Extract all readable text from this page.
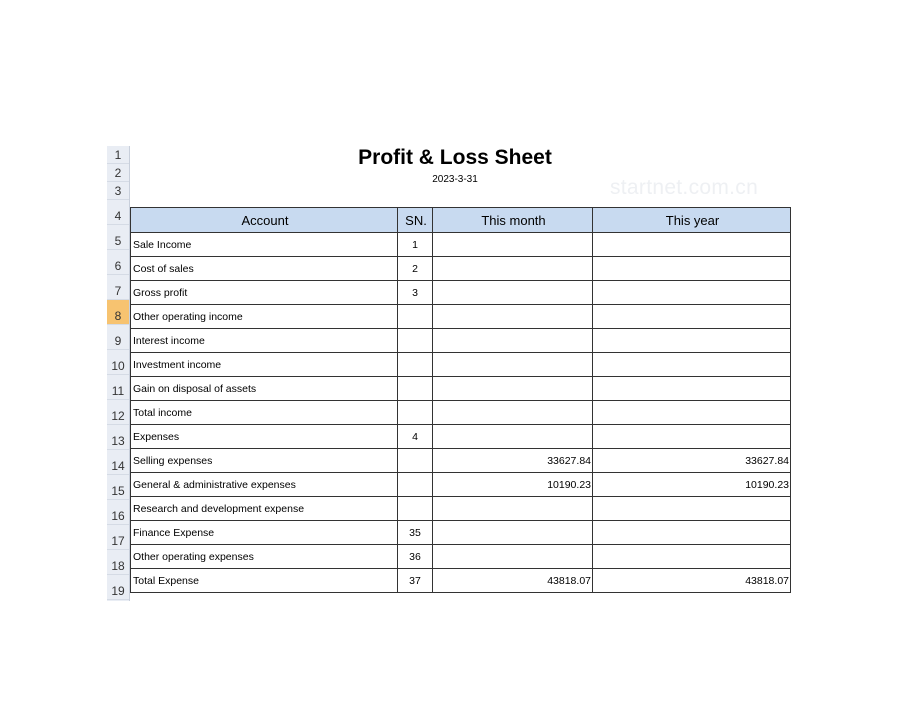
1
2
3
4
5
6
7
8
9
10
11
12
13
14
15
16
17
18
19
Profit & Loss Sheet
2023-3-31	startnet.com.cn
Account	SN.	This month	This year
Sale Income	1		
Cost of sales	2		
Gross profit	3		
Other operating income			
Interest income			
Investment income			
Gain on disposal of assets			
Total income			
Expenses	4		
Selling expenses		33627.84	33627.84
General & administrative expenses		10190.23	10190.23
Research and development expense			
Finance Expense	35		
Other operating expenses	36		
Total Expense	37	43818.07	43818.07
